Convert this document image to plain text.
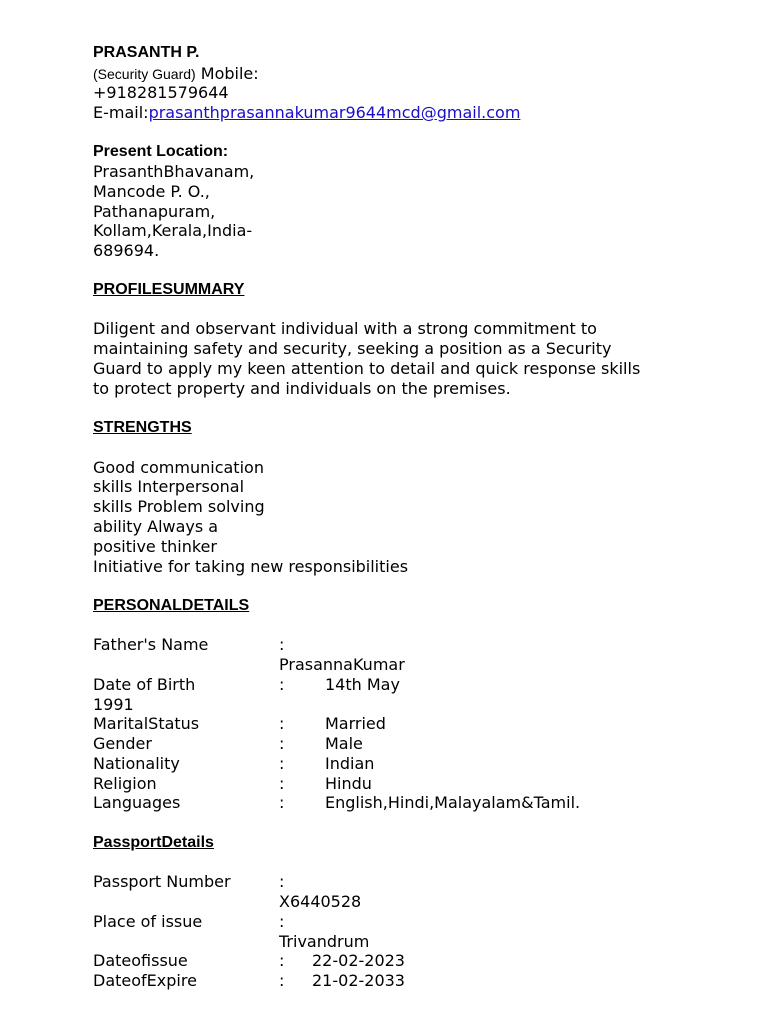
PRASANTH P.
(Security Guard) Mobile:
+918281579644
E-mail:prasanthprasannakumar9644mcd@gmail.com
Present Location:
PrasanthBhavanam,
Mancode P. O.,
Pathanapuram,
Kollam,Kerala,India-
689694.
PROFILESUMMARY
Diligent and observant individual with a strong commitment to
maintaining safety and security, seeking a position as a Security
Guard to apply my keen attention to detail and quick response skills
to protect property and individuals on the premises.
STRENGTHS
Good communication
skills Interpersonal
skills Problem solving
ability Always a
positive thinker
Initiative for taking new responsibilities
PERSONALDETAILS
Father's Name	:
PrasannaKumar
Date of Birth	:	14th May
1991
MaritalStatus	:	Married
Gender	:	Male
Nationality	:	Indian
Religion	:	Hindu
Languages	:	English,Hindi,Malayalam&Tamil.
PassportDetails
Passport Number	:
X6440528
Place of issue	:
Trivandrum
Dateofissue	: 22-02-2023
DateofExpire	: 21-02-2033
